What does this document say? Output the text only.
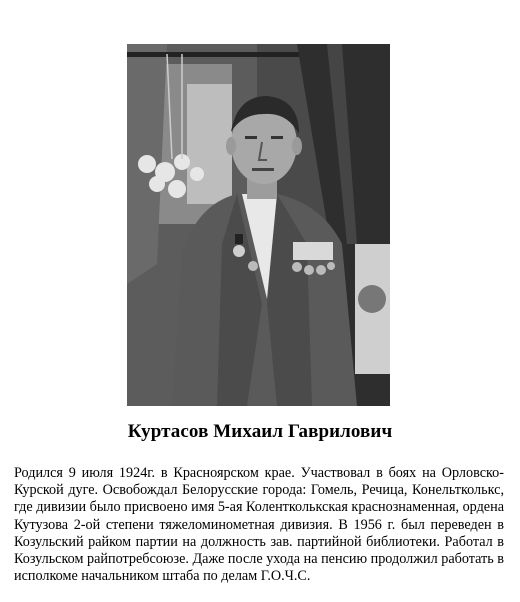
Куртасов Михаил Гаврилович
Родился 9 июля 1924г. в Красноярском крае. Участвовал в боях на Орловско-Курской дуге. Освобождал Белорусские города: Гомель, Речица, Конельтколькс, где дивизии было присвоено имя 5-ая Колентколькская краснознаменная, ордена Кутузова 2-ой степени тяжеломинометная дивизия. В 1956 г. был переведен в Козульский райком партии на должность зав. партийной библиотеки. Работал в Козульском райпотребсоюзе. Даже после ухода на пенсию продолжил работать в исполкоме начальником штаба по делам Г.О.Ч.С.
